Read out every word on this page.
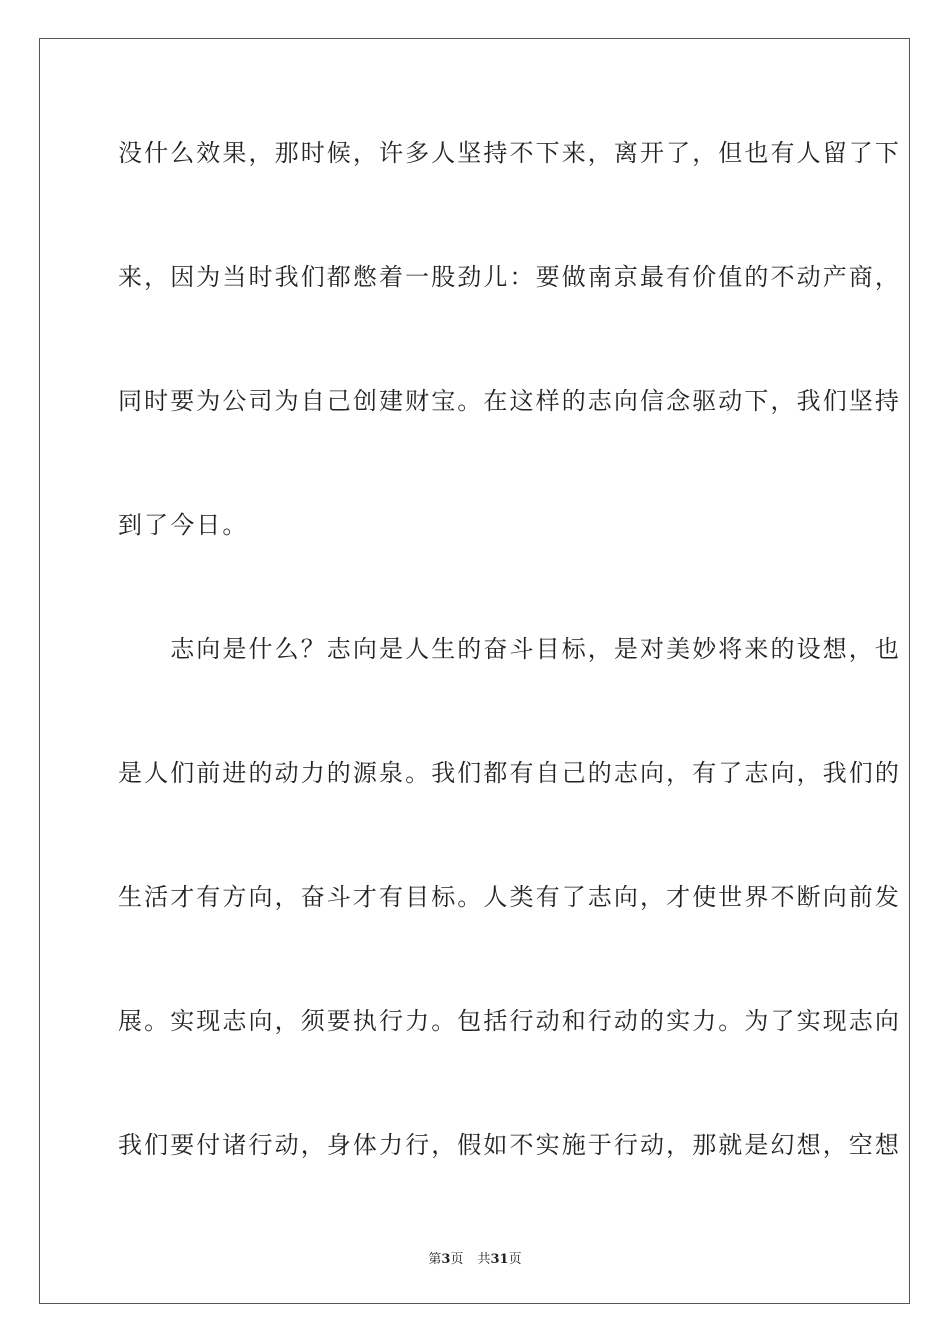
没什么效果，那时候，许多人坚持不下来，离开了，但也有人留了下
来，因为当时我们都憋着一股劲儿：要做南京最有价值的不动产商，
同时要为公司为自己创建财宝。在这样的志向信念驱动下，我们坚持
到了今日。
　　志向是什么？志向是人生的奋斗目标，是对美妙将来的设想，也
是人们前进的动力的源泉。我们都有自己的志向，有了志向，我们的
生活才有方向，奋斗才有目标。人类有了志向，才使世界不断向前发
展。实现志向，须要执行力。包括行动和行动的实力。为了实现志向
我们要付诸行动，身体力行，假如不实施于行动，那就是幻想，空想
第3页 共31页
